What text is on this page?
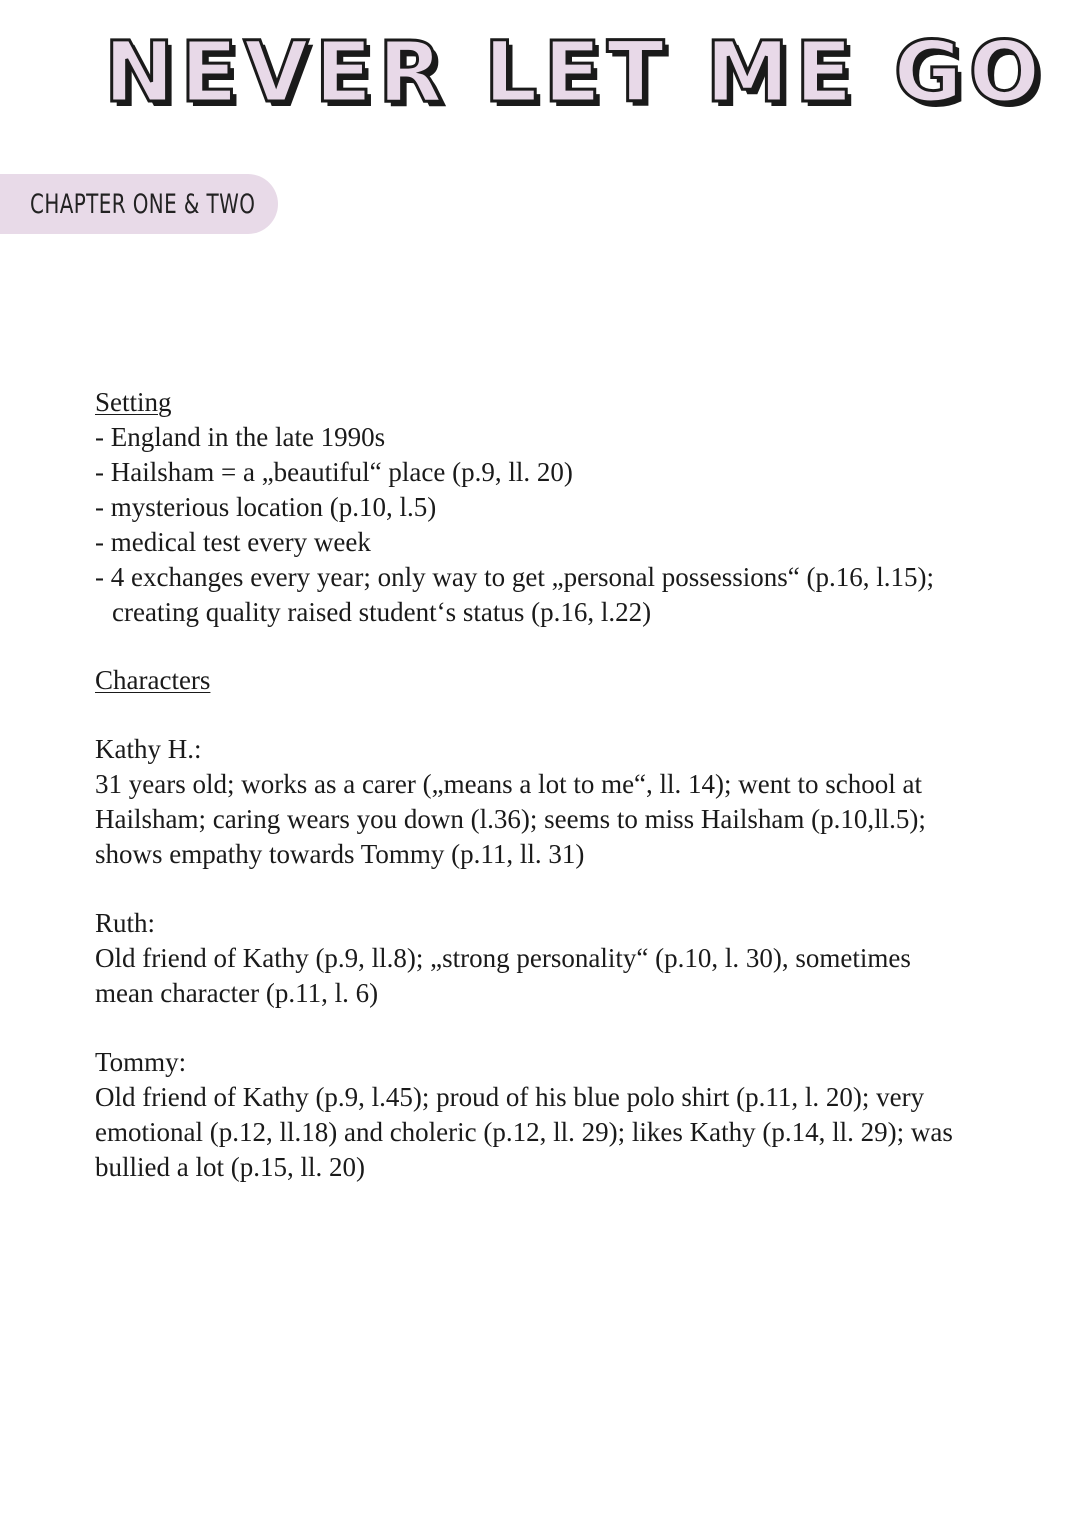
NEVER LET ME GO
CHAPTER ONE & TWO
Setting
- England in the late 1990s
- Hailsham = a „beautiful“ place (p.9, ll. 20)
- mysterious location (p.10, l.5)
- medical test every week
- 4 exchanges every year; only way to get „personal possessions“ (p.16, l.15); creating quality raised student‘s status (p.16, l.22)
Characters
Kathy H.:
31 years old; works as a carer („means a lot to me“, ll. 14); went to school at Hailsham; caring wears you down (l.36); seems to miss Hailsham (p.10,ll.5); shows empathy towards Tommy (p.11, ll. 31)
Ruth:
Old friend of Kathy (p.9, ll.8); „strong personality“ (p.10, l. 30), sometimes mean character (p.11, l. 6)
Tommy:
Old friend of Kathy (p.9, l.45); proud of his blue polo shirt (p.11, l. 20); very emotional (p.12, ll.18) and choleric (p.12, ll. 29); likes Kathy (p.14, ll. 29); was bullied a lot (p.15, ll. 20)
